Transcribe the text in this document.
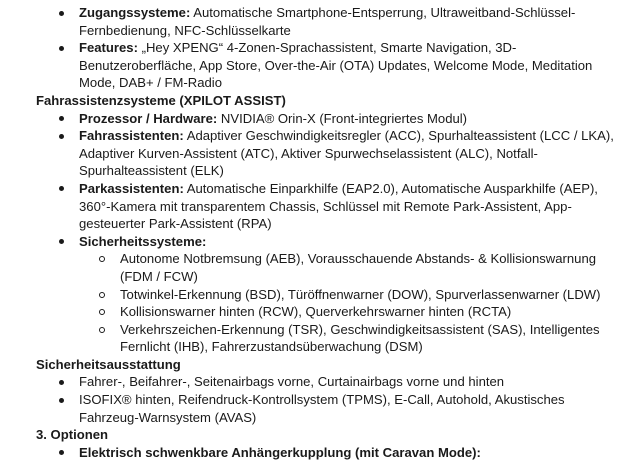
Zugangssysteme: Automatische Smartphone-Entsperrung, Ultraweitband-Schlüssel-Fernbedienung, NFC-Schlüsselkarte
Features: „Hey XPENG“ 4-Zonen-Sprachassistent, Smarte Navigation, 3D-Benutzeroberfläche, App Store, Over-the-Air (OTA) Updates, Welcome Mode, Meditation Mode, DAB+ / FM-Radio
Fahrassistenzsysteme (XPILOT ASSIST)
Prozessor / Hardware: NVIDIA® Orin-X (Front-integriertes Modul)
Fahrassistenten: Adaptiver Geschwindigkeitsregler (ACC), Spurhalteassistent (LCC / LKA), Adaptiver Kurven-Assistent (ATC), Aktiver Spurwechselassistent (ALC), Notfall-Spurhalteassistent (ELK)
Parkassistenten: Automatische Einparkhilfe (EAP2.0), Automatische Ausparkhilfe (AEP), 360°-Kamera mit transparentem Chassis, Schlüssel mit Remote Park-Assistent, App-gesteuerter Park-Assistent (RPA)
Sicherheitssysteme:
Autonome Notbremsung (AEB), Vorausschauende Abstands- & Kollisionswarnung (FDM / FCW)
Totwinkel-Erkennung (BSD), Türöffnenwarner (DOW), Spurverlassenwarner (LDW)
Kollisionswarner hinten (RCW), Querverkehrswarner hinten (RCTA)
Verkehrszeichen-Erkennung (TSR), Geschwindigkeitsassistent (SAS), Intelligentes Fernlicht (IHB), Fahrerzustandsüberwachung (DSM)
Sicherheitsausstattung
Fahrer-, Beifahrer-, Seitenairbags vorne, Curtainairbags vorne und hinten
ISOFIX® hinten, Reifendruck-Kontrollsystem (TPMS), E-Call, Autohold, Akustisches Fahrzeug-Warnsystem (AVAS)
3. Optionen
Elektrisch schwenkbare Anhängerkupplung (mit Caravan Mode):
